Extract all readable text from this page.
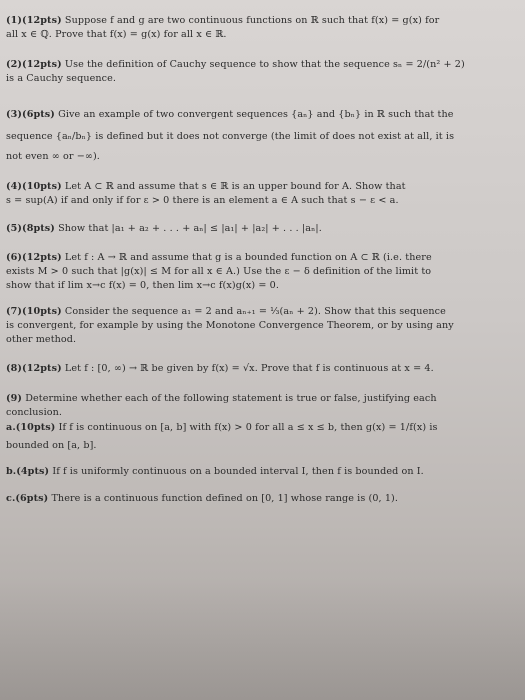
(1)(12pts) Suppose f and g are two continuous functions on ℝ such that f(x) = g(x) for
all x ∈ ℚ. Prove that f(x) = g(x) for all x ∈ ℝ.
(2)(12pts) Use the definition of Cauchy sequence to show that the sequence sₙ = 2/(n² + 2)
is a Cauchy sequence.
(3)(6pts) Give an example of two convergent sequences {aₙ} and {bₙ} in ℝ such that the
sequence {aₙ/bₙ} is defined but it does not converge (the limit of does not exist at all, it is
not even ∞ or −∞).
(4)(10pts) Let A ⊂ ℝ and assume that s ∈ ℝ is an upper bound for A. Show that
s = sup(A) if and only if for ε > 0 there is an element a ∈ A such that s − ε < a.
(5)(8pts) Show that |a₁ + a₂ + . . . + aₙ| ≤ |a₁| + |a₂| + . . . |aₙ|.
(6)(12pts) Let f : A → ℝ and assume that g is a bounded function on A ⊂ ℝ (i.e. there
exists M > 0 such that |g(x)| ≤ M for all x ∈ A.) Use the ε − δ definition of the limit to
show that if lim x→c f(x) = 0, then lim x→c f(x)g(x) = 0.
(7)(10pts) Consider the sequence a₁ = 2 and aₙ₊₁ = ⅓(aₙ + 2). Show that this sequence
is convergent, for example by using the Monotone Convergence Theorem, or by using any
other method.
(8)(12pts) Let f : [0, ∞) → ℝ be given by f(x) = √x. Prove that f is continuous at x = 4.
(9) Determine whether each of the following statement is true or false, justifying each
conclusion.
a.(10pts) If f is continuous on [a, b] with f(x) > 0 for all a ≤ x ≤ b, then g(x) = 1/f(x) is
bounded on [a, b].
b.(4pts) If f is uniformly continuous on a bounded interval I, then f is bounded on I.
c.(6pts) There is a continuous function defined on [0, 1] whose range is (0, 1).
